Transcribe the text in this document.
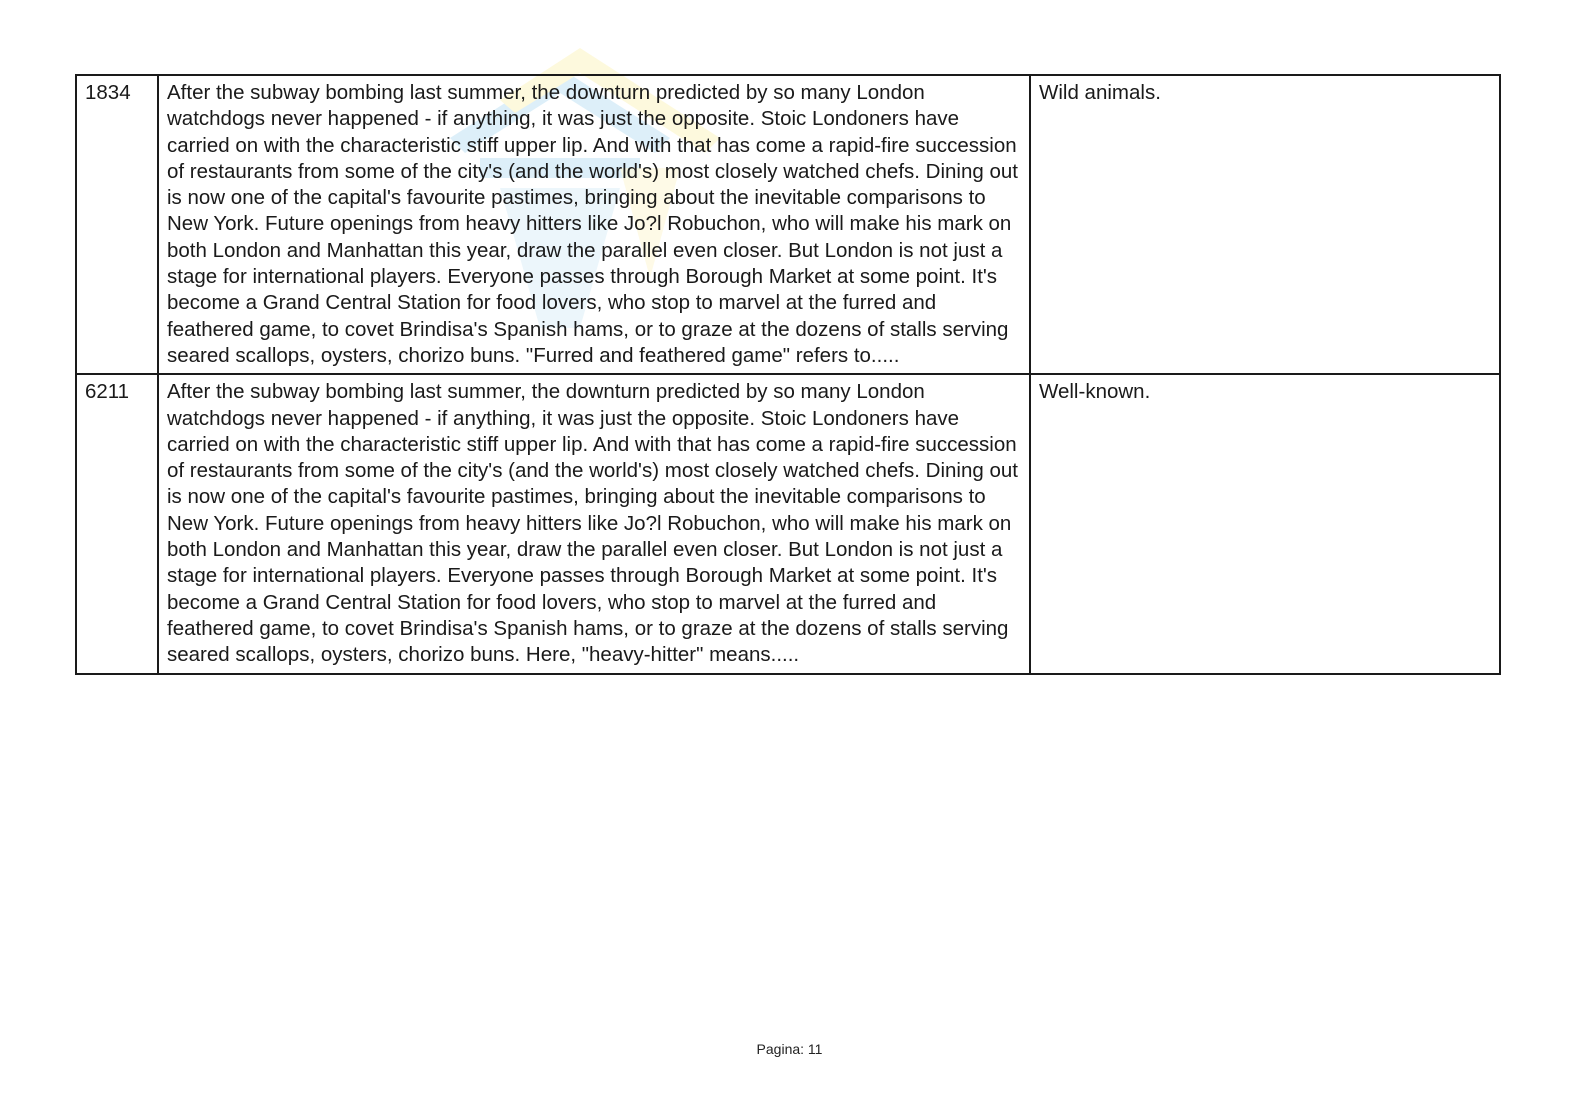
1834	After the subway bombing last summer, the downturn predicted by so many London watchdogs never happened - if anything, it was just the opposite. Stoic Londoners have carried on with the characteristic stiff upper lip. And with that has come a rapid-fire succession of restaurants from some of the city's (and the world's) most closely watched chefs. Dining out is now one of the capital's favourite pastimes, bringing about the inevitable comparisons to New York. Future openings from heavy hitters like Jo?l Robuchon, who will make his mark on both London and Manhattan this year, draw the parallel even closer. But London is not just a stage for international players. Everyone passes through Borough Market at some point. It's become a Grand Central Station for food lovers, who stop to marvel at the furred and feathered game, to covet Brindisa's Spanish hams, or to graze at the dozens of stalls serving seared scallops, oysters, chorizo buns. "Furred and feathered game" refers to.....	Wild animals.
6211	After the subway bombing last summer, the downturn predicted by so many London watchdogs never happened - if anything, it was just the opposite. Stoic Londoners have carried on with the characteristic stiff upper lip. And with that has come a rapid-fire succession of restaurants from some of the city's (and the world's) most closely watched chefs. Dining out is now one of the capital's favourite pastimes, bringing about the inevitable comparisons to New York. Future openings from heavy hitters like Jo?l Robuchon, who will make his mark on both London and Manhattan this year, draw the parallel even closer. But London is not just a stage for international players. Everyone passes through Borough Market at some point. It's become a Grand Central Station for food lovers, who stop to marvel at the furred and feathered game, to covet Brindisa's Spanish hams, or to graze at the dozens of stalls serving seared scallops, oysters, chorizo buns. Here, "heavy-hitter" means.....	Well-known.
Pagina: 11
